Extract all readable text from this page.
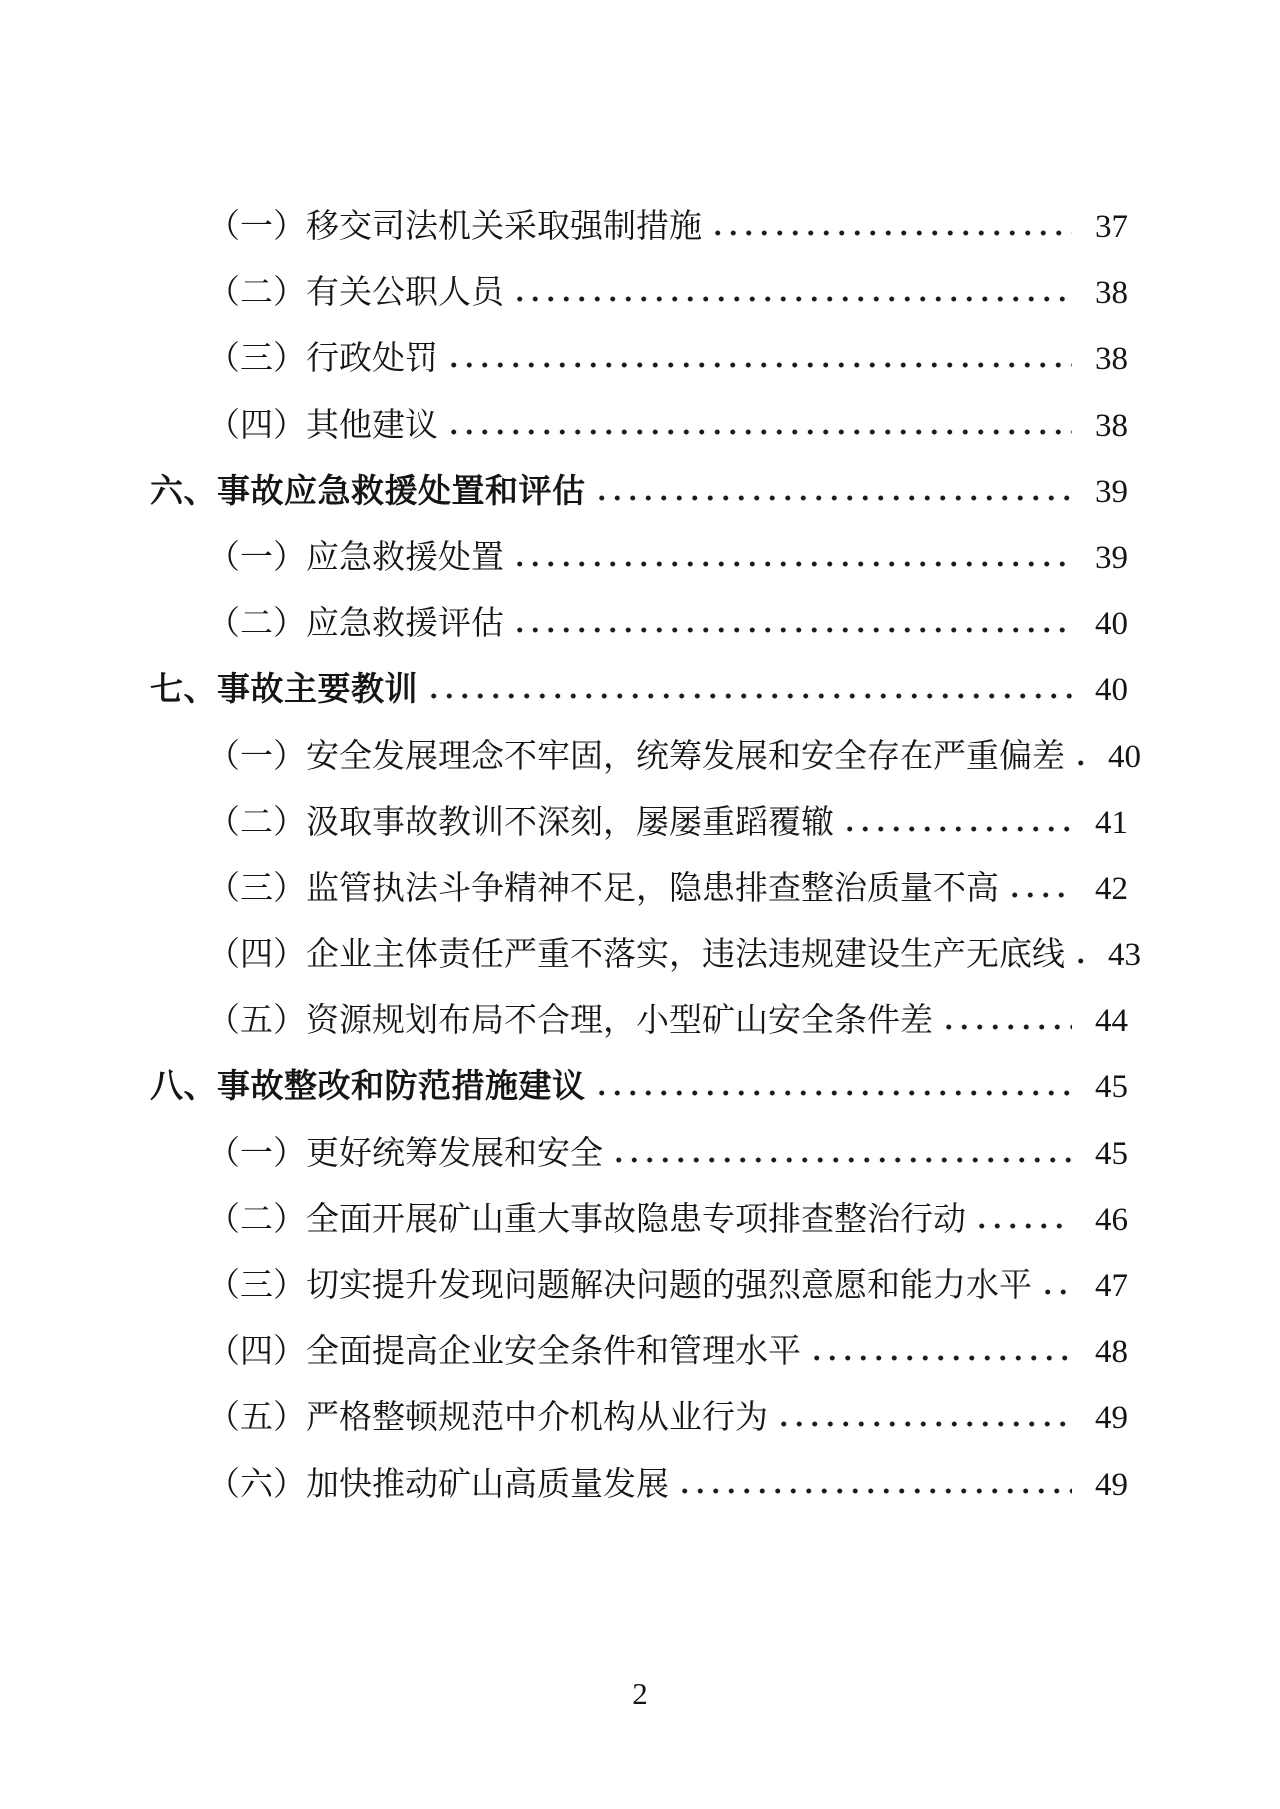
（一）移交司法机关采取强制措施	37
（二）有关公职人员	38
（三）行政处罚	38
（四）其他建议	38
六、事故应急救援处置和评估	39
（一）应急救援处置	39
（二）应急救援评估	40
七、事故主要教训	40
（一）安全发展理念不牢固，统筹发展和安全存在严重偏差	40
（二）汲取事故教训不深刻，屡屡重蹈覆辙	41
（三）监管执法斗争精神不足，隐患排查整治质量不高	42
（四）企业主体责任严重不落实，违法违规建设生产无底线	43
（五）资源规划布局不合理，小型矿山安全条件差	44
八、事故整改和防范措施建议	45
（一）更好统筹发展和安全	45
（二）全面开展矿山重大事故隐患专项排查整治行动	46
（三）切实提升发现问题解决问题的强烈意愿和能力水平	47
（四）全面提高企业安全条件和管理水平	48
（五）严格整顿规范中介机构从业行为	49
（六）加快推动矿山高质量发展	49
2
